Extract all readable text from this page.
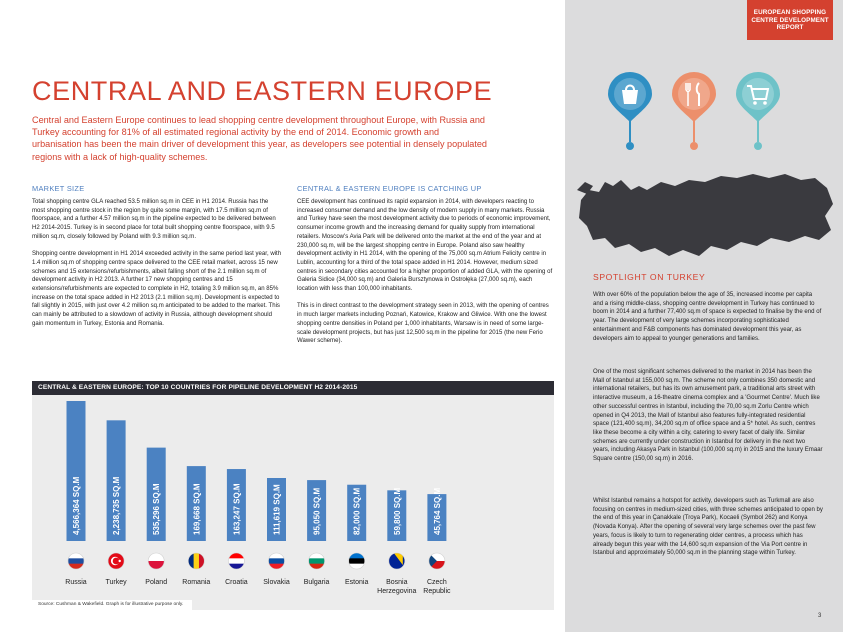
EUROPEAN SHOPPING
CENTRE DEVELOPMENT
REPORT
SPOTLIGHT ON TURKEY
With over 60% of the population below the age of 35, increased income per capita and a rising middle-class, shopping centre development in Turkey has continued to boom in 2014 and a further 77,400 sq.m of space is expected to finalise by the end of year. The development of very large schemes incorporating sophisticated entertainment and F&B components has dominated development this year, as developers aim to appeal to younger generations and families.
One of the most significant schemes delivered to the market in 2014 has been the Mall of Istanbul at 155,000 sq.m. The scheme not only combines 350 domestic and international retailers, but has its own amusement park, a traditional arts street with interactive museum, a 16-theatre cinema complex and a 'Gourmet Centre'. Much like other successful centres in Istanbul, including the 70,00 sq.m Zorlu Centre which opened in Q4 2013, the Mall of Istanbul also features fully-integrated residential space (121,400 sq.m), 34,200 sq.m of office space and a 5* hotel. As such, centres like these become a city within a city, catering to every facet of daily life. Similar schemes are currently under construction in Istanbul for delivery in the next two years, including Akasya Park in Istanbul (100,000 sq.m) in 2015 and the luxury Emaar Square centre (150,00 sq.m) in 2016.
Whilst Istanbul remains a hotspot for activity, developers such as Turkmall are also focusing on centres in medium-sized cities, with three schemes anticipated to open by the end of this year in Çanakkale (Troya Park), Kocaeli (Symbol 262) and Konya (Novada Konya). After the opening of several very large schemes over the past few years, focus is likely to turn to regenerating older centres, a process which has already begun this year with the 14,600 sq.m expansion of the Via Port centre in Istanbul and approximately 50,000 sq.m in the planning stage within Turkey.
3
CENTRAL AND EASTERN EUROPE
Central and Eastern Europe continues to lead shopping centre development throughout Europe, with Russia and Turkey accounting for 81% of all estimated regional activity by the end of 2014. Economic growth and urbanisation has been the main driver of development this year, as developers see potential in densely populated regions with a lack of high-quality schemes.
MARKET SIZE

Total shopping centre GLA reached 53.5 million sq.m in CEE in H1 2014. Russia has the most shopping centre stock in the region by quite some margin, with 17.5 million sq.m of floorspace, and a further 4.57 million sq.m in the pipeline expected to be delivered between H2 2014-2015. Turkey is in second place for total built shopping centre floorspace, with 9.5 million sq.m, closely followed by Poland with 9.3 million sq.m.

Shopping centre development in H1 2014 exceeded activity in the same period last year, with 1.4 million sq.m of shopping centre space delivered to the CEE retail market, across 15 new schemes and 15 extensions/refurbishments, albeit falling short of the 2.1 million sq.m of development activity in H2 2013. A further 17 new shopping centres and 15 extensions/refurbishments are expected to complete in H2, totaling 3.9 million sq.m, an 85% increase on the total space added in H2 2013 (2.1 million sq.m). Development is expected to fall slightly in 2015, with just over 4.2 million sq.m anticipated to be added to the market. This can mainly be attributed to a slowdown of activity in Russia, although development should gain momentum in Turkey, Estonia and Romania.

CENTRAL & EASTERN EUROPE IS CATCHING UP

CEE development has continued its rapid expansion in 2014, with developers reacting to increased consumer demand and the low density of modern supply in many markets. Russia and Turkey have seen the most development activity due to periods of economic improvement, consumer income growth and the increasing demand for quality supply from international retailers. Moscow's Avia Park will be delivered onto the market at the end of the year and at 230,000 sq.m, will be the largest shopping centre in Europe. Poland also saw healthy development activity in H1 2014, with the opening of the 75,000 sq.m Atrium Felicity centre in Lublin, accounting for a third of the total space added in H1 2014. However, medium sized centres in secondary cities accounted for a higher proportion of added GLA, with the opening of Galeria Sidice (34,000 sq.m) and Galeria Bursztynowa in Ostrołęka (27,000 sq.m), each location with less than 100,000 inhabitants.

This is in direct contrast to the development strategy seen in 2013, with the opening of centres in much larger markets including Poznań, Katowice, Krakow and Gliwice. With one the lowest shopping centre densities in Poland per 1,000 inhabitants, Warsaw is in need of some large-scale development projects, but has just 12,500 sq.m in the pipeline for 2015 (the new Ferio Wawer scheme).

CENTRAL & EASTERN EUROPE: TOP 10 COUNTRIES FOR PIPELINE DEVELOPMENT H2 2014-2015
4,566,364 SQ.M
Russia
2,238,735 SQ.M
Turkey
535,296 SQ.M
Poland
169,668 SQ.M
Romania
163,247 SQ.M
Croatia
111,619 SQ.M
Slovakia
95,050 SQ.M
Bulgaria
82,000 SQ.M
Estonia
59,800 SQ.M
Bosnia
Herzegovina
45,764 SQ.M
Czech
Republic
Source: Cushman & Wakefield. Graph is for illustrative purpose only.
